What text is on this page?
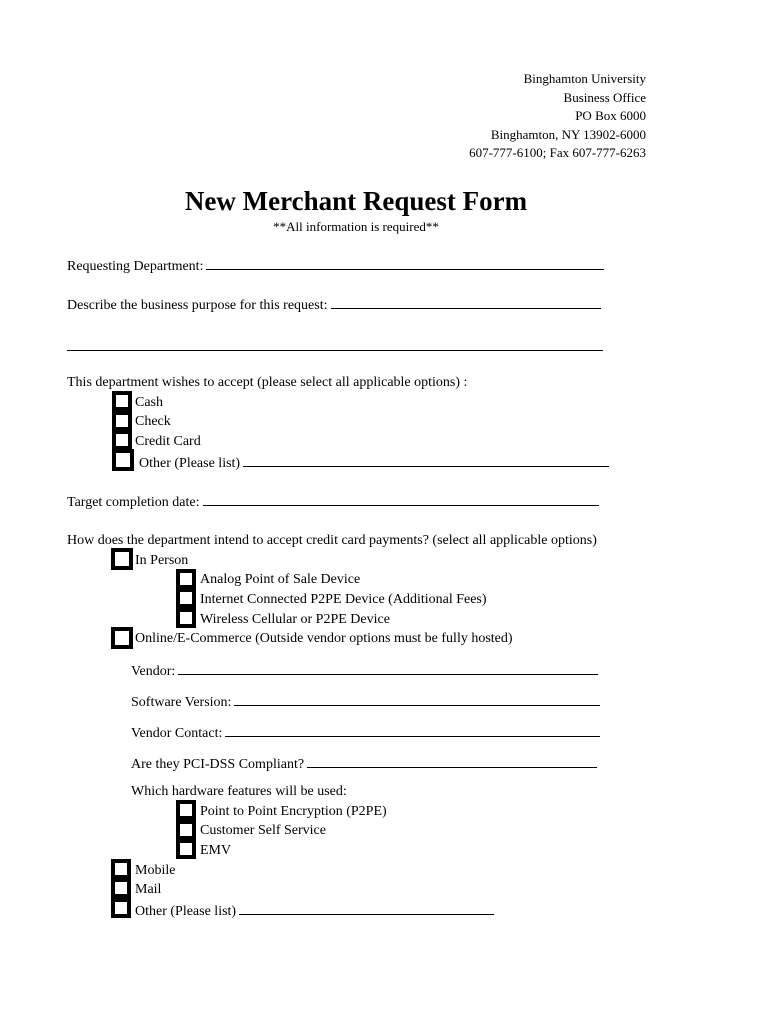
Binghamton University
Business Office
PO Box 6000
Binghamton, NY 13902-6000
607-777-6100; Fax 607-777-6263
New Merchant Request Form
**All information is required**
Requesting Department:
Describe the business purpose for this request:
This department wishes to accept (please select all applicable options) :
Cash
Check
Credit Card
Other (Please list)
Target completion date:
How does the department intend to accept credit card payments? (select all applicable options)
In Person
Analog Point of Sale Device
Internet Connected P2PE Device (Additional Fees)
Wireless Cellular or P2PE Device
Online/E-Commerce (Outside vendor options must be fully hosted)
Vendor:
Software Version:
Vendor Contact:
Are they PCI-DSS Compliant?
Which hardware features will be used:
Point to Point Encryption (P2PE)
Customer Self Service
EMV
Mobile
Mail
Other (Please list)
